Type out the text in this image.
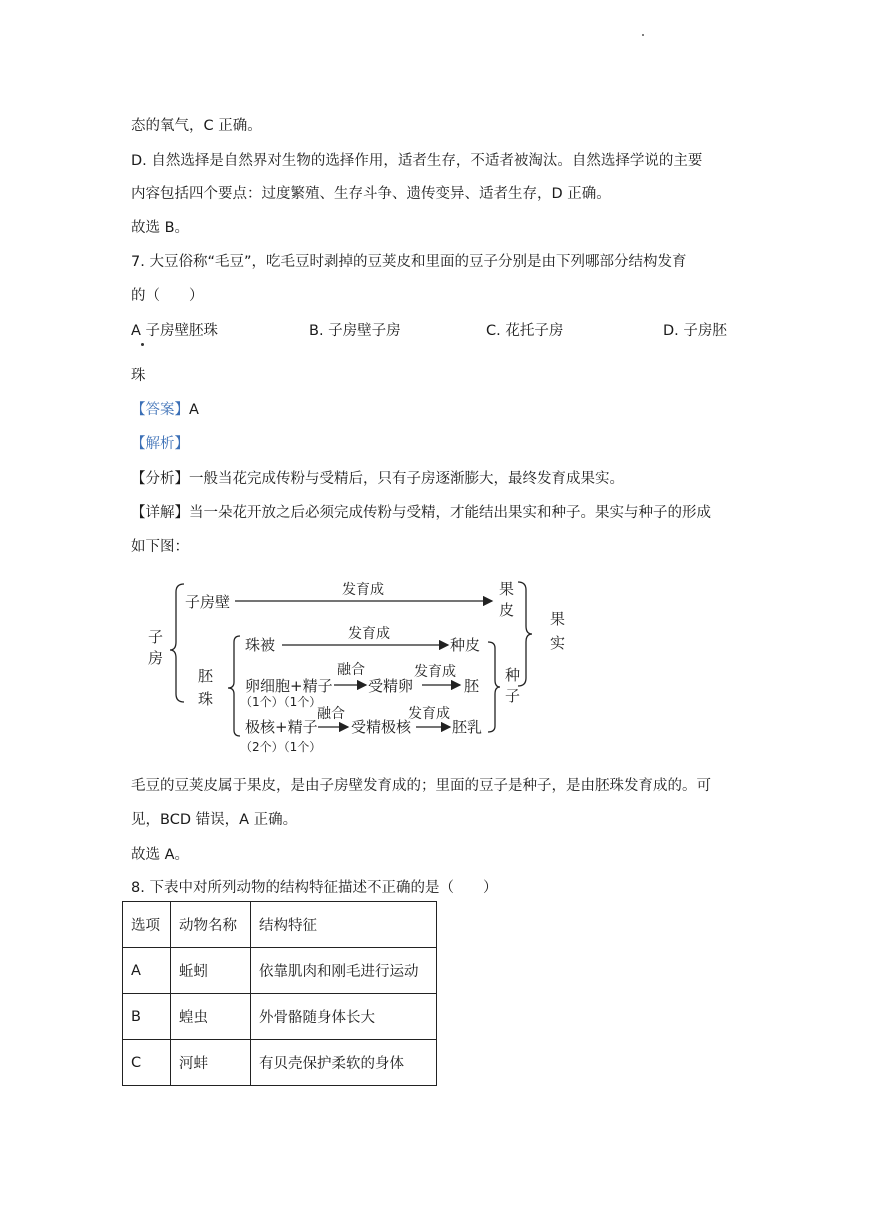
态的氧气，C 正确。
D. 自然选择是自然界对生物的选择作用，适者生存，不适者被淘汰。自然选择学说的主要
内容包括四个要点：过度繁殖、生存斗争、遗传变异、适者生存，D 正确。
故选 B。
7. 大豆俗称“毛豆”，吃毛豆时剥掉的豆荚皮和里面的豆子分别是由下列哪部分结构发育
的（　　）
A 子房壁胚珠	B. 子房壁子房	C. 花托子房	D. 子房胚
珠
【答案】A
【解析】
【分析】一般当花完成传粉与受精后，只有子房逐渐膨大，最终发育成果实。
【详解】当一朵花开放之后必须完成传粉与受精，才能结出果实和种子。果实与种子的形成
如下图：
子
房
子房壁
发育成	果
皮 果
实
胚
珠
珠被
发育成
种皮
卵细胞+精子
融合
受精卵
发育成
胚
（1个）（1个）
极核+精子
融合
受精极核
发育成
胚乳
（2个）（1个）
种
子
毛豆的豆荚皮属于果皮，是由子房壁发育成的；里面的豆子是种子，是由胚珠发育成的。可
见，BCD 错误，A 正确。
故选 A。
8. 下表中对所列动物的结构特征描述不正确的是（　　）
选项	动物名称	结构特征
A	蚯蚓	依靠肌肉和刚毛进行运动
B	蝗虫	外骨骼随身体长大
C	河蚌	有贝壳保护柔软的身体
